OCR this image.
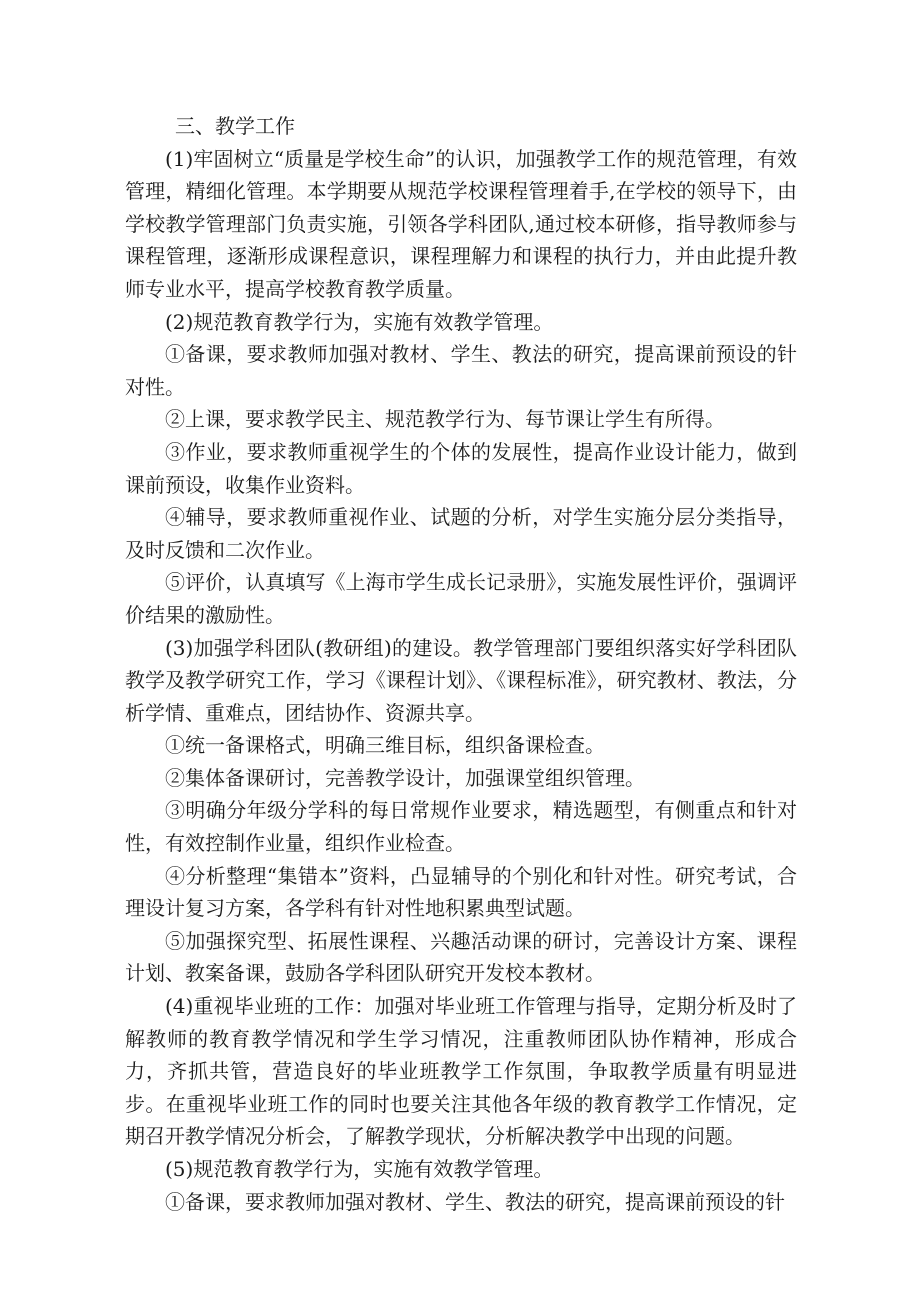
三、教学工作

(1)牢固树立“质量是学校生命”的认识，加强教学工作的规范管理，有效管理，精细化管理。本学期要从规范学校课程管理着手,在学校的领导下，由学校教学管理部门负责实施，引领各学科团队,通过校本研修，指导教师参与课程管理，逐渐形成课程意识，课程理解力和课程的执行力，并由此提升教师专业水平，提高学校教育教学质量。

(2)规范教育教学行为，实施有效教学管理。

①备课，要求教师加强对教材、学生、教法的研究，提高课前预设的针对性。

②上课，要求教学民主、规范教学行为、每节课让学生有所得。

③作业，要求教师重视学生的个体的发展性，提高作业设计能力，做到课前预设，收集作业资料。

④辅导，要求教师重视作业、试题的分析，对学生实施分层分类指导，及时反馈和二次作业。

⑤评价，认真填写《上海市学生成长记录册》，实施发展性评价，强调评价结果的激励性。

(3)加强学科团队(教研组)的建设。教学管理部门要组织落实好学科团队教学及教学研究工作，学习《课程计划》、《课程标准》，研究教材、教法，分析学情、重难点，团结协作、资源共享。

①统一备课格式，明确三维目标，组织备课检查。

②集体备课研讨，完善教学设计，加强课堂组织管理。

③明确分年级分学科的每日常规作业要求，精选题型，有侧重点和针对性，有效控制作业量，组织作业检查。

④分析整理“集错本”资料，凸显辅导的个别化和针对性。研究考试，合理设计复习方案，各学科有针对性地积累典型试题。

⑤加强探究型、拓展性课程、兴趣活动课的研讨，完善设计方案、课程计划、教案备课，鼓励各学科团队研究开发校本教材。

(4)重视毕业班的工作：加强对毕业班工作管理与指导，定期分析及时了解教师的教育教学情况和学生学习情况，注重教师团队协作精神，形成合力，齐抓共管，营造良好的毕业班教学工作氛围，争取教学质量有明显进步。在重视毕业班工作的同时也要关注其他各年级的教育教学工作情况，定期召开教学情况分析会，了解教学现状，分析解决教学中出现的问题。

(5)规范教育教学行为，实施有效教学管理。

①备课，要求教师加强对教材、学生、教法的研究，提高课前预设的针
